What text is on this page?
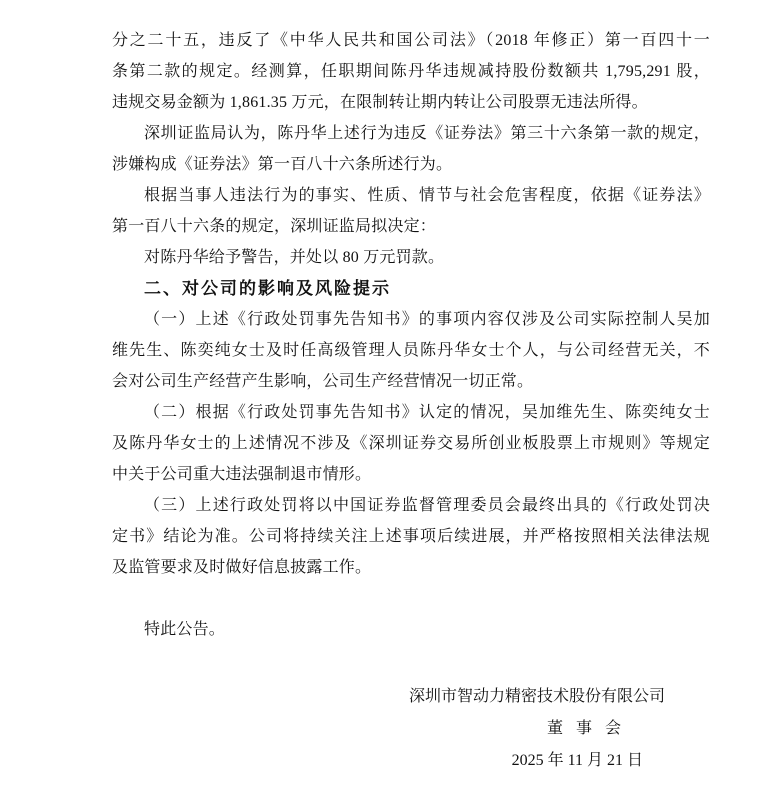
分之二十五，违反了《中华人民共和国公司法》（2018 年修正）第一百四十一
条第二款的规定。经测算，任职期间陈丹华违规减持股份数额共 1,795,291 股，
违规交易金额为 1,861.35 万元，在限制转让期内转让公司股票无违法所得。
深圳证监局认为，陈丹华上述行为违反《证券法》第三十六条第一款的规定，
涉嫌构成《证券法》第一百八十六条所述行为。
根据当事人违法行为的事实、性质、情节与社会危害程度，依据《证券法》
第一百八十六条的规定，深圳证监局拟决定：
对陈丹华给予警告，并处以 80 万元罚款。
二、对公司的影响及风险提示
（一）上述《行政处罚事先告知书》的事项内容仅涉及公司实际控制人吴加
维先生、陈奕纯女士及时任高级管理人员陈丹华女士个人，与公司经营无关，不
会对公司生产经营产生影响，公司生产经营情况一切正常。
（二）根据《行政处罚事先告知书》认定的情况，吴加维先生、陈奕纯女士
及陈丹华女士的上述情况不涉及《深圳证券交易所创业板股票上市规则》等规定
中关于公司重大违法强制退市情形。
（三）上述行政处罚将以中国证券监督管理委员会最终出具的《行政处罚决
定书》结论为准。公司将持续关注上述事项后续进展，并严格按照相关法律法规
及监管要求及时做好信息披露工作。
特此公告。
深圳市智动力精密技术股份有限公司
董 事 会
2025 年 11 月 21 日
